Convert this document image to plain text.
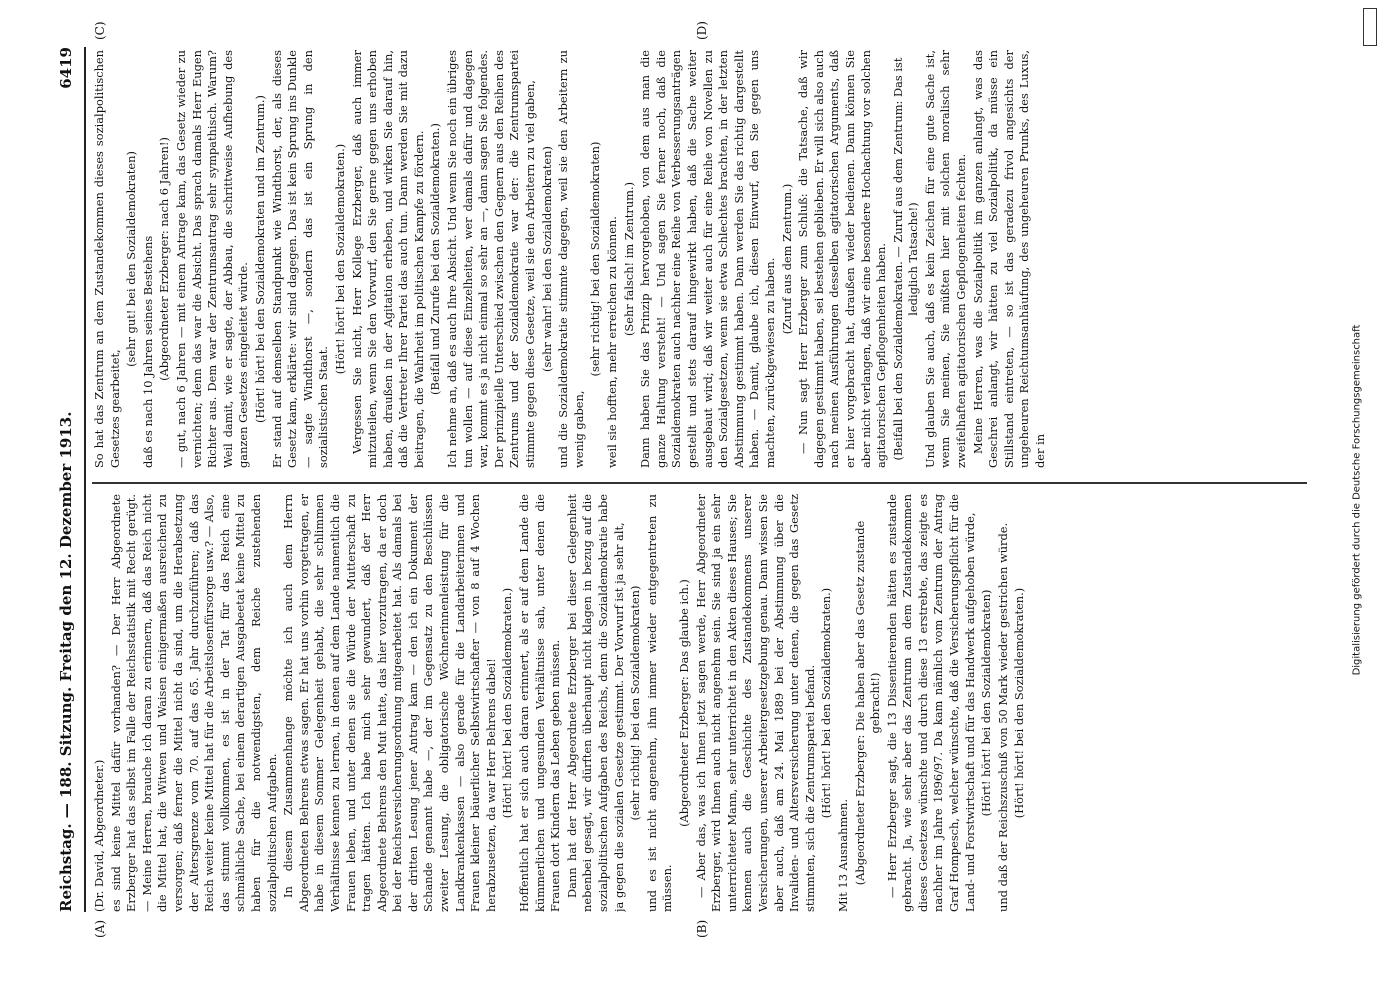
Reichstag. — 188. Sitzung. Freitag den 12. Dezember 1913.
6419
(A)	(B)
(C)	(D)

(Dr. David, Abgeordneter.) es sind keine Mittel dafür vorhanden? — Der Herr Abgeordnete Erzberger hat das selbst im Falle der Reichsstatistik mit Recht gerügt. — Meine Herren, brauche ich daran zu erinnern, daß das Reich nicht die Mittel hat, die Witwen und Waisen einigermaßen ausreichend zu versorgen; daß ferner die Mittel nicht da sind, um die Herabsetzung der Altersgrenze vom 70. auf das 65. Jahr durchzuführen; daß das Reich weiter keine Mittel hat für die Arbeitslosenfürsorge usw.? — Also, das stimmt vollkommen, es ist in der Tat für das Reich eine schmähliche Sache, bei einem derartigen Ausgabeetat keine Mittel zu haben für die notwendigsten, dem Reiche zustehenden sozialpolitischen Aufgaben. In diesem Zusammenhange möchte ich auch dem Herrn Abgeordneten Behrens etwas sagen. Er hat uns vorhin vorgetragen, er habe in diesem Sommer Gelegenheit gehabt, die sehr schlimmen Verhältnisse kennen zu lernen, in denen auf dem Lande namentlich die Frauen leben, und unter denen sie die Würde der Mutterschaft zu tragen hätten. Ich habe mich sehr gewundert, daß der Herr Abgeordnete Behrens den Mut hatte, das hier vorzutragen, da er doch bei der Reichsversicherungsordnung mitgearbeitet hat. Als damals bei der dritten Lesung jener Antrag kam — den ich ein Dokument der Schande genannt habe —, der im Gegensatz zu den Beschlüssen zweiter Lesung, die obligatorische Wöchnerinnenleistung für die Landkrankenkassen — also gerade für die Landarbeiterinnen und Frauen kleiner bäuerlicher Selbstwirtschafter — von 8 auf 4 Wochen herabzusetzen, da war Herr Behrens dabei! (Hört! hört! bei den Sozialdemokraten.) Hoffentlich hat er sich auch daran erinnert, als er auf dem Lande die kümmerlichen und ungesunden Verhältnisse sah, unter denen die Frauen dort Kindern das Leben geben müssen. Dann hat der Herr Abgeordnete Erzberger bei dieser Gelegenheit nebenbei gesagt, wir dürften überhaupt nicht klagen in bezug auf die sozialpolitischen Aufgaben des Reichs, denn die Sozialdemokratie habe ja gegen die sozialen Gesetze gestimmt. Der Vorwurf ist ja sehr alt, (sehr richtig! bei den Sozialdemokraten) und es ist nicht angenehm, ihm immer wieder entgegentreten zu müssen.

(Abgeordneter Erzberger: Das glaube ich.) — Aber das, was ich Ihnen jetzt sagen werde, Herr Abgeordneter Erzberger, wird Ihnen auch nicht angenehm sein. Sie sind ja ein sehr unterrichteter Mann, sehr unterrichtet in den Akten dieses Hauses; Sie kennen auch die Geschichte des Zustandekommens unserer Versicherungen, unserer Arbeitergesetzgebung genau. Dann wissen Sie aber auch, daß am 24. Mai 1889 bei der Abstimmung über die Invaliden- und Altersversicherung unter denen, die gegen das Gesetz stimmten, sich die Zentrumspartei befand. (Hört! hört! bei den Sozialdemokraten.)

Mit 13 Ausnahmen. (Abgeordneter Erzberger: Die haben aber das Gesetz zustande gebracht!) — Herr Erzberger sagt, die 13 Dissentierenden hätten es zustande gebracht. Ja, wie sehr aber das Zentrum an dem Zustandekommen dieses Gesetzes wünschte und durch diese 13 erstrebte, das zeigte es nachher im Jahre 1896/97. Da kam nämlich vom Zentrum der Antrag Graf Hompesch, welcher wünschte, daß die Versicherungspflicht für die Land- und Forstwirtschaft und für das Handwerk aufgehoben würde, (Hört! hört! bei den Sozialdemokraten) und daß der Reichszuschuß von 50 Mark wieder gestrichen würde. (Hört! hört! bei den Sozialdemokraten.)

So hat das Zentrum an dem Zustandekommen dieses sozialpolitischen Gesetzes gearbeitet,

(sehr gut! bei den Sozialdemokraten) daß es nach 10 Jahren seines Bestehens (Abgeordneter Erzberger: nach 6 Jahren!) — gut, nach 6 Jahren — mit einem Antrage kam, das Gesetz wieder zu vernichten; denn das war die Absicht. Das sprach damals Herr Eugen Richter aus. Dem war der Zentrumsantrag sehr sympathisch. Warum? Weil damit, wie er sagte, der Abbau, die schrittweise Aufhebung des ganzen Gesetzes eingeleitet würde. (Hört! hört! bei den Sozialdemokraten und im Zentrum.) Er stand auf demselben Standpunkt wie Windthorst, der, als dieses Gesetz kam, erklärte: wir sind dagegen. Das ist kein Sprung ins Dunkle — sagte Windthorst —, sondern das ist ein Sprung in den sozialistischen Staat.

(Hört! hört! bei den Sozialdemokraten.) Vergessen Sie nicht, Herr Kollege Erzberger, daß auch immer mitzuteilen, wenn Sie den Vorwurf, den Sie gerne gegen uns erhoben haben, draußen in der Agitation erheben, und wirken Sie darauf hin, daß die Vertreter Ihrer Partei das auch tun. Dann werden Sie mit dazu beitragen, die Wahrheit im politischen Kampfe zu fördern. (Beifall und Zurufe bei den Sozialdemokraten.) Ich nehme an, daß es auch Ihre Absicht. Und wenn Sie noch ein übriges tun wollen — auf diese Einzelheiten, wer damals dafür und dagegen war, kommt es ja nicht einmal so sehr an —, dann sagen Sie folgendes. Der prinzipielle Unterschied zwischen den Gegnern aus den Reihen des Zentrums und der Sozialdemokratie war der: die Zentrumspartei stimmte gegen diese Gesetze, weil sie den Arbeitern zu viel gaben, (sehr wahr! bei den Sozialdemokraten) und die Sozialdemokratie stimmte dagegen, weil sie den Arbeitern zu wenig gaben,

(sehr richtig! bei den Sozialdemokraten) weil sie hofften, mehr erreichen zu können. (Sehr falsch! im Zentrum.) Dann haben Sie das Prinzip hervorgehoben, von dem aus man die ganze Haltung versteht! — Und sagen Sie ferner noch, daß die Sozialdemokraten auch nachher eine Reihe von Verbesserungsanträgen gestellt und stets darauf hingewirkt haben, daß die Sache weiter ausgebaut wird; daß wir weiter auch für eine Reihe von Novellen zu den Sozialgesetzen, wenn sie etwa Schlechtes brachten, in der letzten Abstimmung gestimmt haben. Dann werden Sie das richtig dargestellt haben. — Damit, glaube ich, diesen Einwurf, den Sie gegen uns machten, zurückgewiesen zu haben. (Zuruf aus dem Zentrum.) — Nun sagt Herr Erzberger zum Schluß: die Tatsache, daß wir dagegen gestimmt haben, sei bestehen geblieben. Er will sich also auch nach meinen Ausführungen desselben agitatorischen Arguments, daß er hier vorgebracht hat, draußen wieder bedienen. Dann können Sie aber nicht verlangen, daß wir eine besondere Hochachtung vor solchen agitatorischen Gepflogenheiten haben. (Beifall bei den Sozialdemokraten. — Zuruf aus dem Zentrum: Das ist lediglich Tatsache!) Und glauben Sie auch, daß es kein Zeichen für eine gute Sache ist, wenn Sie meinen, Sie müßten hier mit solchen moralisch sehr zweifelhaften agitatorischen Gepflogenheiten fechten. Meine Herren, was die Sozialpolitik im ganzen anlangt, was das Geschrei anlangt, wir hätten zu viel Sozialpolitik, da müsse ein Stillstand eintreten, — so ist das geradezu frivol angesichts der ungeheuren Reichtumsanhäufung, des ungeheuren Prunks, des Luxus, der in	Digitalisierung gefördert durch die Deutsche Forschungsgemeinschaft
